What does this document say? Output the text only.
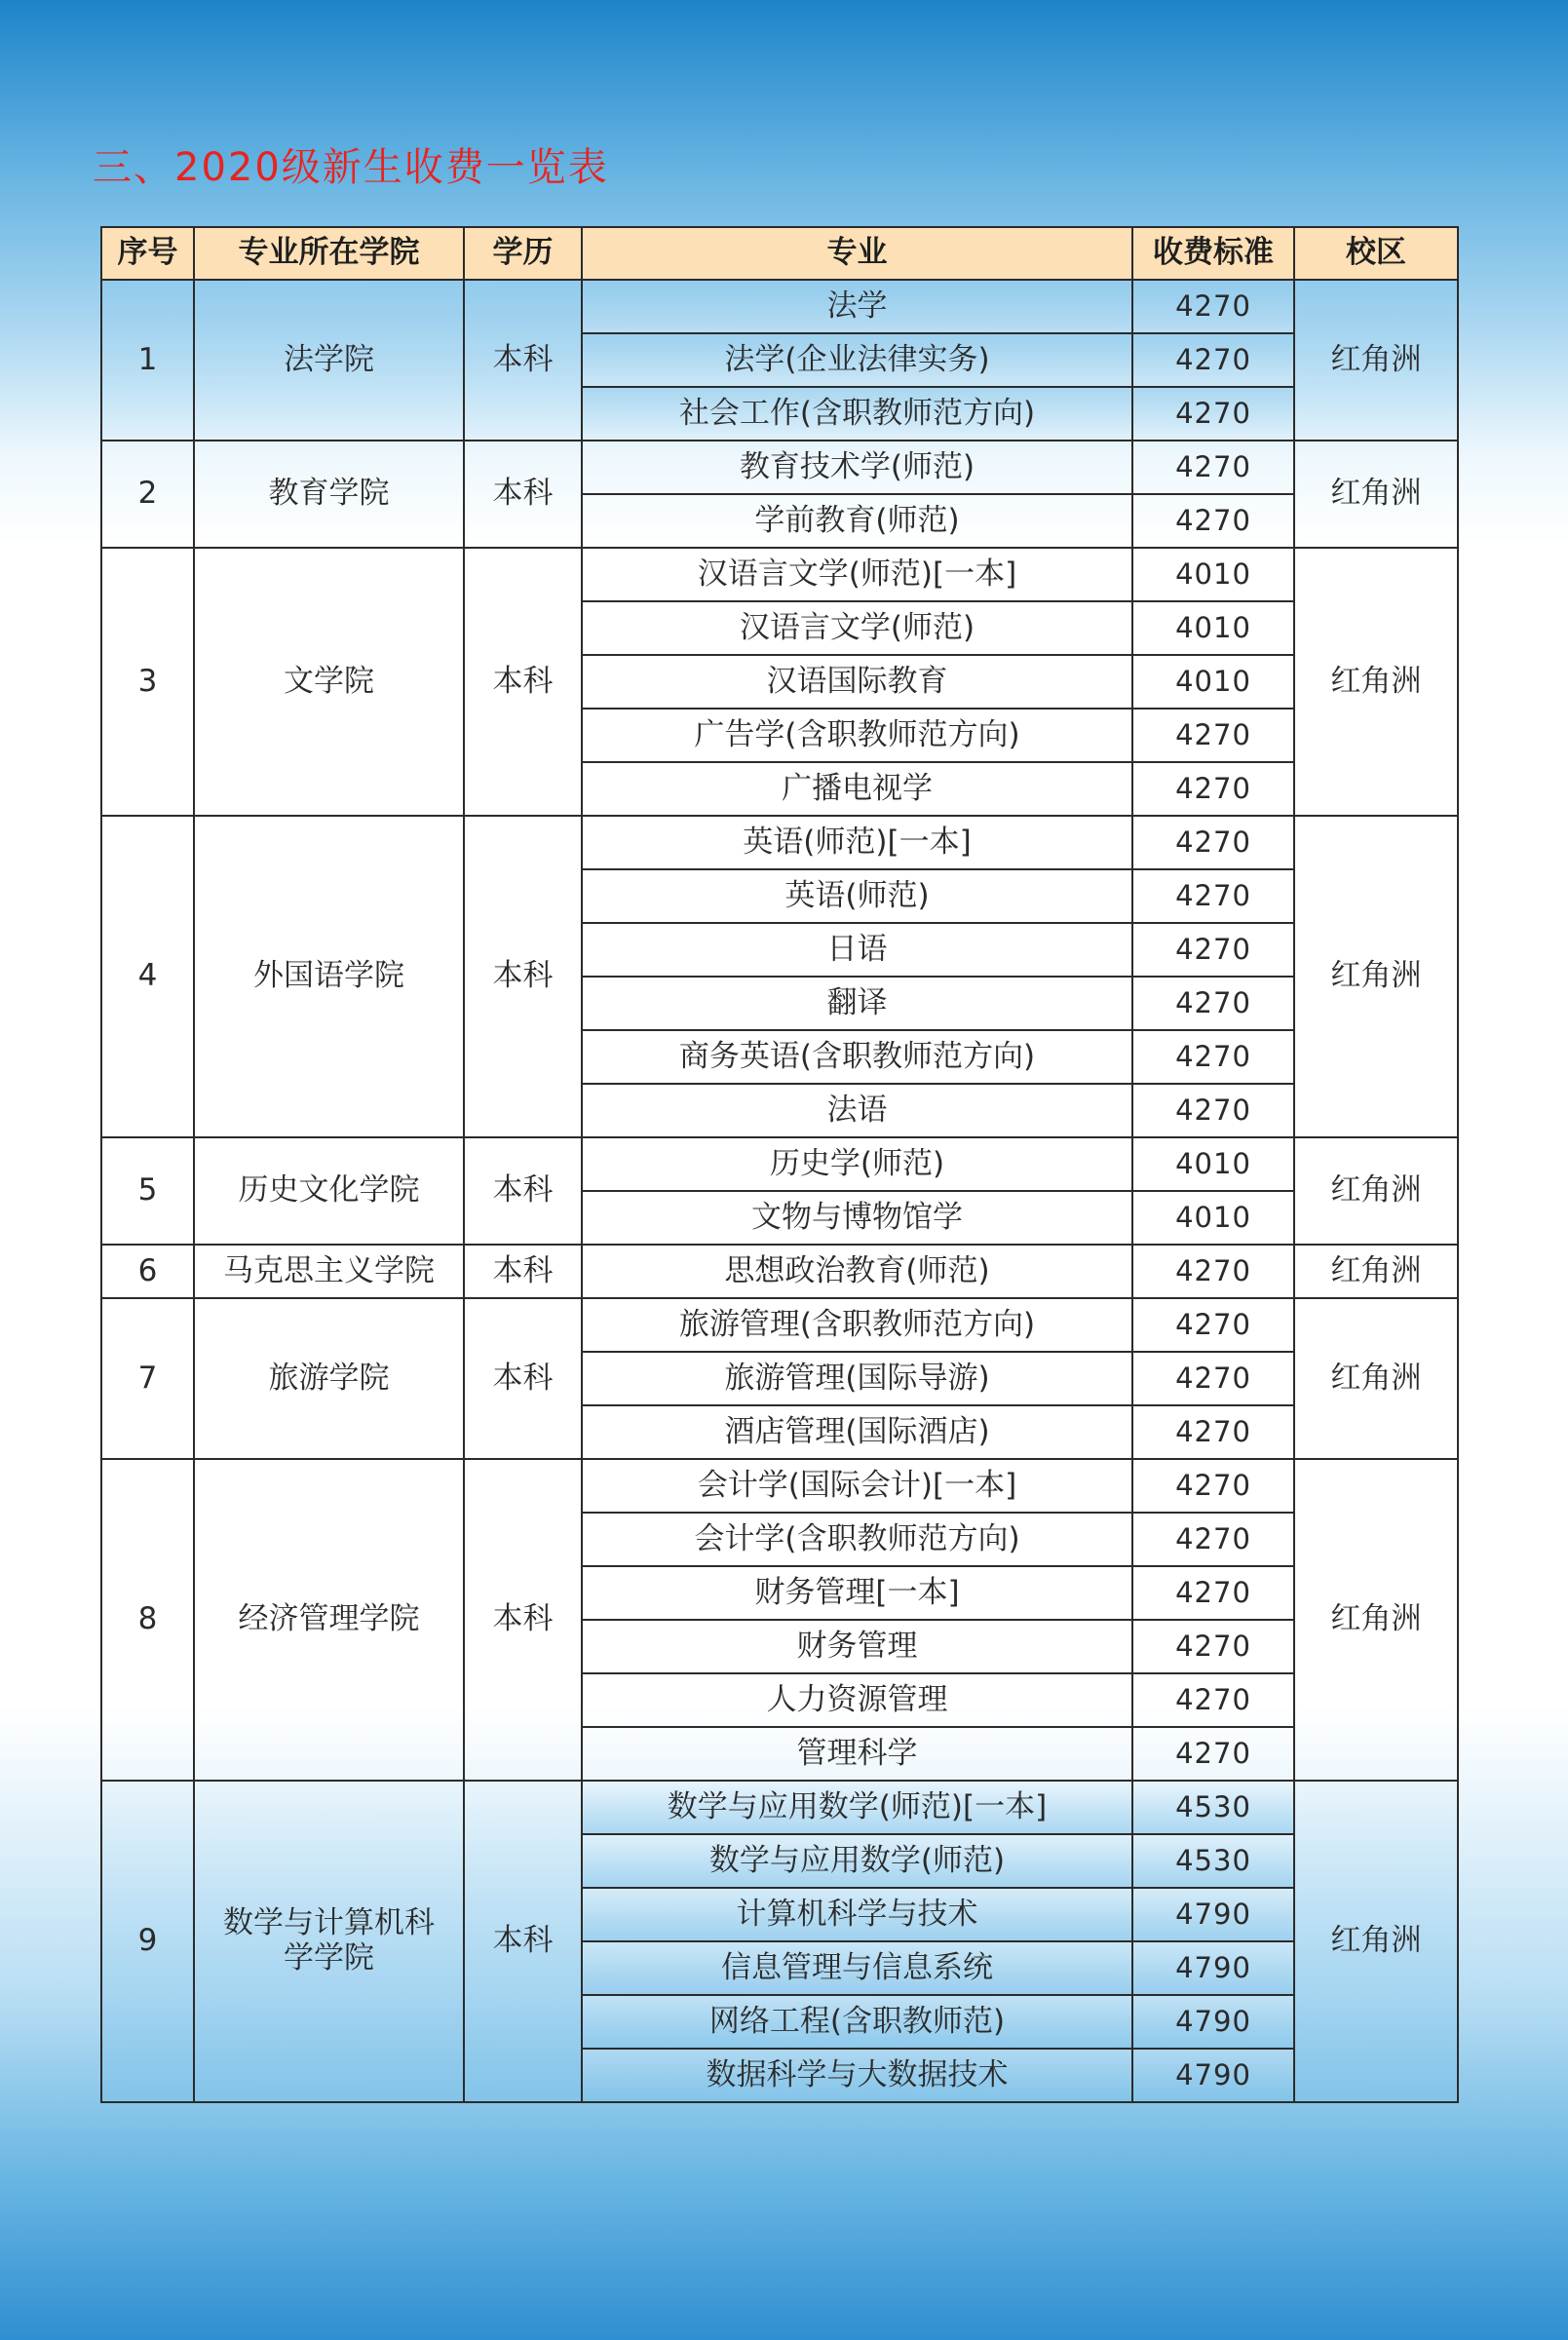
三、2020级新生收费一览表
序号	专业所在学院	学历	专业	收费标准	校区
1	法学院	本科	法学	4270	红角洲
			法学(企业法律实务)	4270	
			社会工作(含职教师范方向)	4270	
2	教育学院	本科	教育技术学(师范)	4270	红角洲
			学前教育(师范)	4270	
3	文学院	本科	汉语言文学(师范)[一本]	4010	红角洲
			汉语言文学(师范)	4010	
			汉语国际教育	4010	
			广告学(含职教师范方向)	4270	
			广播电视学	4270	
4	外国语学院	本科	英语(师范)[一本]	4270	红角洲
			英语(师范)	4270	
			日语	4270	
			翻译	4270	
			商务英语(含职教师范方向)	4270	
			法语	4270	
5	历史文化学院	本科	历史学(师范)	4010	红角洲
			文物与博物馆学	4010	
6	马克思主义学院	本科	思想政治教育(师范)	4270	红角洲
7	旅游学院	本科	旅游管理(含职教师范方向)	4270	红角洲
			旅游管理(国际导游)	4270	
			酒店管理(国际酒店)	4270	
8	经济管理学院	本科	会计学(国际会计)[一本]	4270	红角洲
			会计学(含职教师范方向)	4270	
			财务管理[一本]	4270	
			财务管理	4270	
			人力资源管理	4270	
			管理科学	4270	
9	数学与计算机科学学院	本科	数学与应用数学(师范)[一本]	4530	红角洲
			数学与应用数学(师范)	4530	
			计算机科学与技术	4790	
			信息管理与信息系统	4790	
			网络工程(含职教师范)	4790	
			数据科学与大数据技术	4790	
